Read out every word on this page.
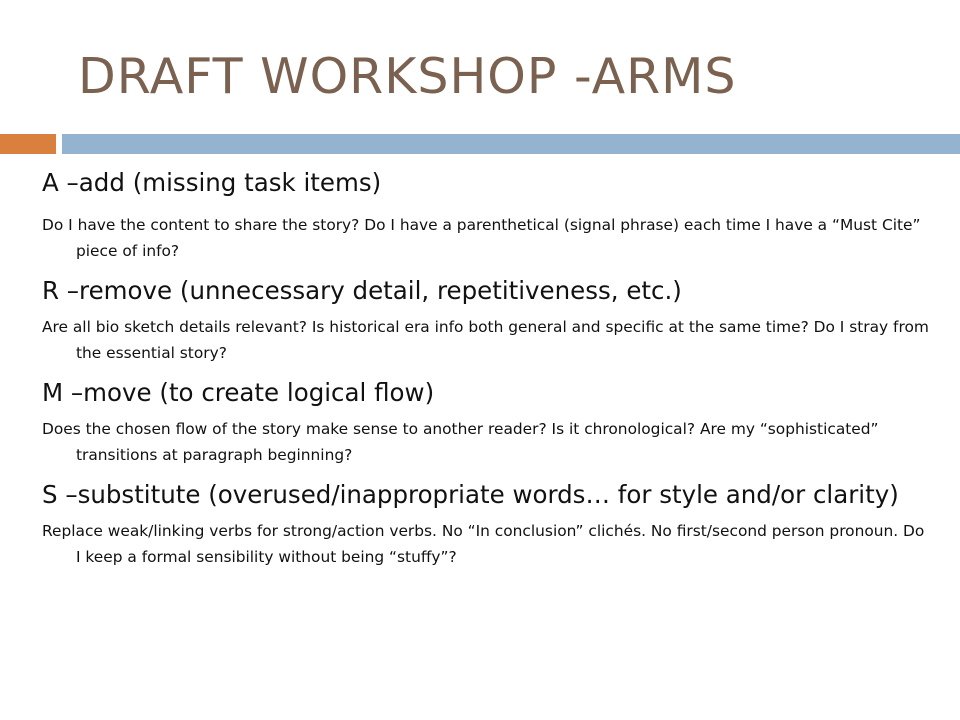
DRAFT WORKSHOP -ARMS

A –add (missing task items)

Do I have the content to share the story? Do I have a parenthetical (signal phrase) each time I have a “Must Cite” piece of info?

R –remove (unnecessary detail, repetitiveness, etc.)

Are all bio sketch details relevant? Is historical era info both general and specific at the same time? Do I stray from the essential story?

M –move (to create logical flow)

Does the chosen flow of the story make sense to another reader? Is it chronological? Are my “sophisticated” transitions at paragraph beginning?

S –substitute (overused/inappropriate words… for style and/or clarity)

Replace weak/linking verbs for strong/action verbs. No “In conclusion” clichés. No first/second person pronoun. Do I keep a formal sensibility without being “stuffy”?
